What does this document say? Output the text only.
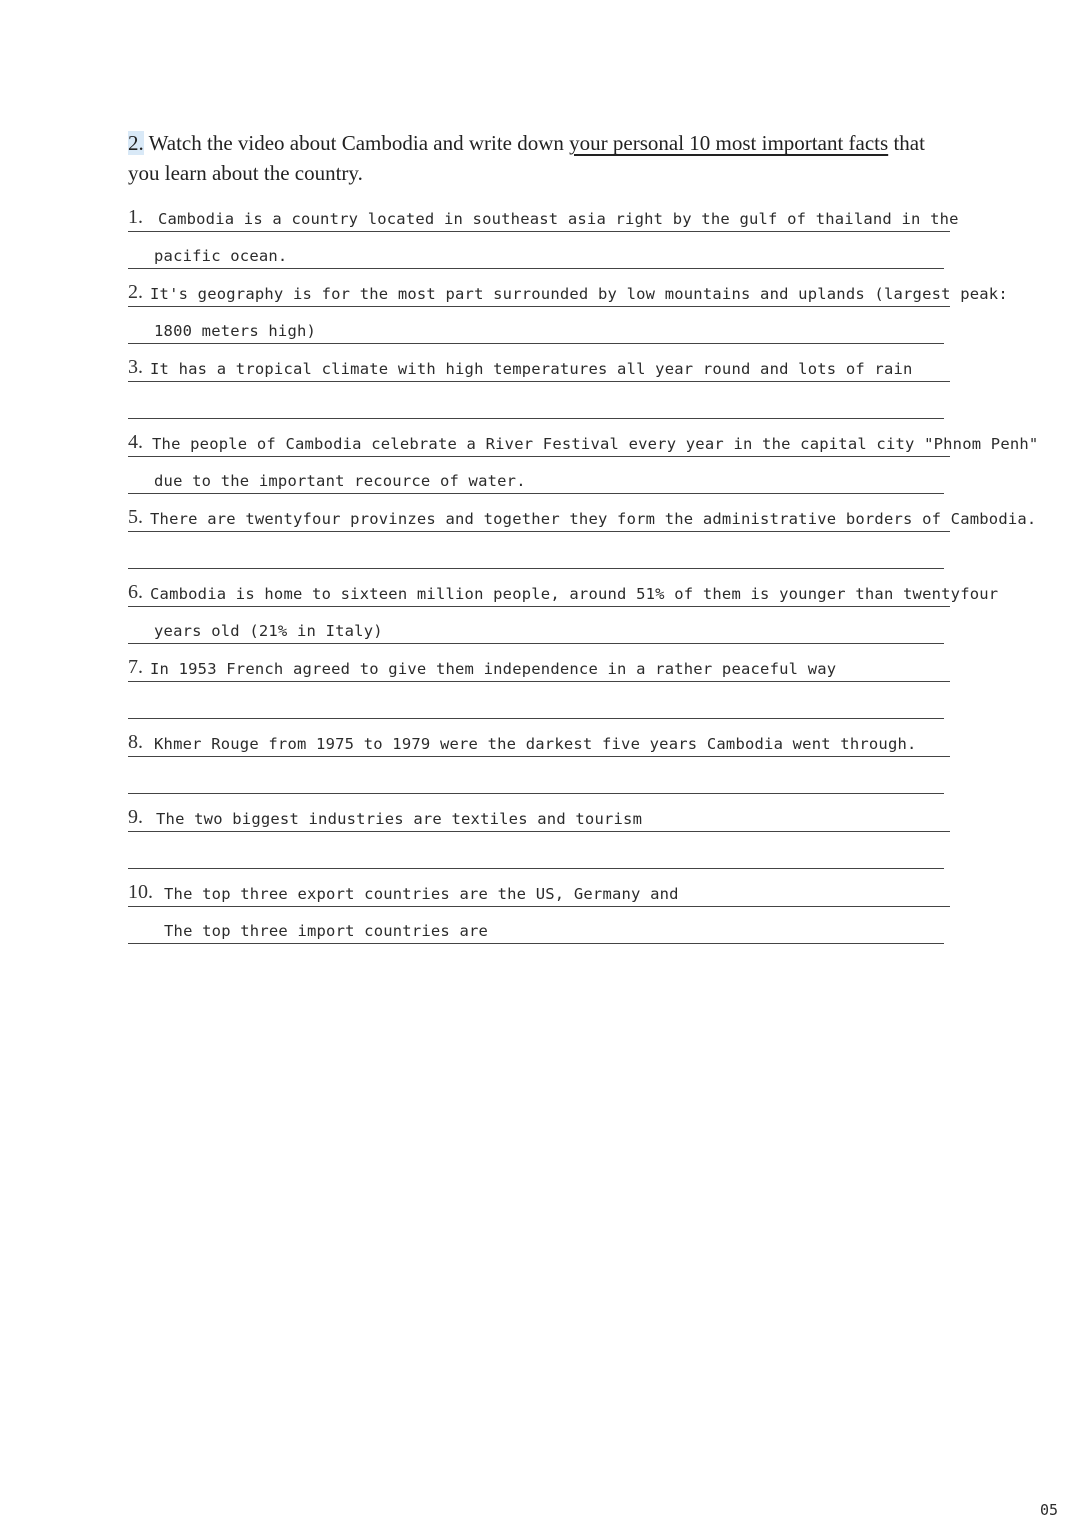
2. Watch the video about Cambodia and write down your personal 10 most important facts that you learn about the country.
1. Cambodia is a country located in southeast asia right by the gulf of thailand in the
pacific ocean.
2. It's geography is for the most part surrounded by low mountains and uplands (largest peak:
1800 meters high)
3. It has a tropical climate with high temperatures all year round and lots of rain
4. The people of Cambodia celebrate a River Festival every year in the capital city "Phnom Penh"
due to the important recource of water.
5. There are twentyfour provinzes and together they form the administrative borders of Cambodia.
6. Cambodia is home to sixteen million people, around 51% of them is younger than twentyfour
years old (21% in Italy)
7. In 1953 French agreed to give them independence in a rather peaceful way
8. Khmer Rouge from 1975 to 1979 were the darkest five years Cambodia went through.
9. The two biggest industries are textiles and tourism
10. The top three export countries are the US, Germany and
The top three import countries are
05
